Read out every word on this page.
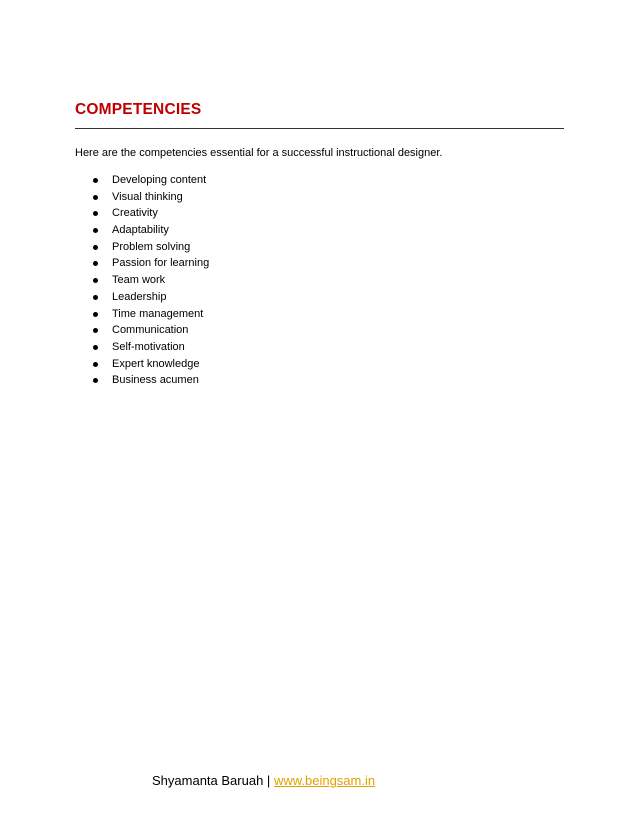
COMPETENCIES

Here are the competencies essential for a successful instructional designer.

Developing content
Visual thinking
Creativity
Adaptability
Problem solving
Passion for learning
Team work
Leadership
Time management
Communication
Self-motivation
Expert knowledge
Business acumen
Shyamanta Baruah | www.beingsam.in
